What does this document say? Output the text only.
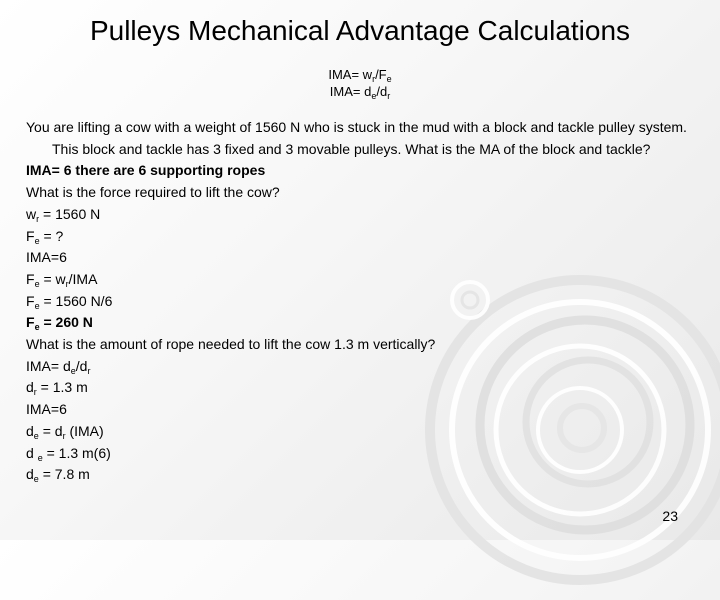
Pulleys Mechanical Advantage Calculations
$IMA= w_r/F_e$
$IMA= d_e/d_r$
You are lifting a cow with a weight of 1560 N who is stuck in the mud with a block and tackle pulley system. This block and tackle has 3 fixed and 3 movable pulleys. What is the MA of the block and tackle?
IMA= 6 there are 6 supporting ropes
What is the force required to lift the cow?
$w_r = 1560$ N
$F_e$ = ?
IMA=6
$F_e = w_r/IMA$
$F_e = 1560$ N/6
$F_e = 260$ N
What is the amount of rope needed to lift the cow 1.3 m vertically?
$IMA= d_e/d_r$
$d_r = 1.3$ m
IMA=6
$d_e = d_r$ (IMA)
d $_e$ = 1.3 m(6)
$d_e = 7.8$ m
23
